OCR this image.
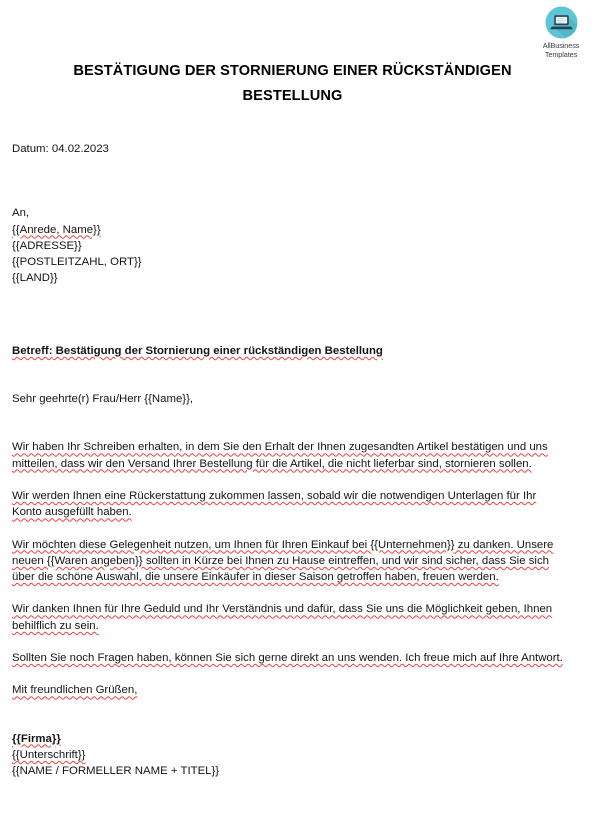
AllBusiness
Templates
BESTÄTIGUNG DER STORNIERUNG EINER RÜCKSTÄNDIGEN BESTELLUNG
Datum: 04.02.2023
An,
{{Anrede, Name}}
{{ADRESSE}}
{{POSTLEITZAHL, ORT}}
{{LAND}}
Betreff: Bestätigung der Stornierung einer rückständigen Bestellung
Sehr geehrte(r) Frau/Herr {{Name}},

Wir haben Ihr Schreiben erhalten, in dem Sie den Erhalt der Ihnen zugesandten Artikel bestätigen und uns mitteilen, dass wir den Versand Ihrer Bestellung für die Artikel, die nicht lieferbar sind, stornieren sollen.

Wir werden Ihnen eine Rückerstattung zukommen lassen, sobald wir die notwendigen Unterlagen für Ihr Konto ausgefüllt haben.

Wir möchten diese Gelegenheit nutzen, um Ihnen für Ihren Einkauf bei {{Unternehmen}} zu danken. Unsere neuen {{Waren angeben}} sollten in Kürze bei Ihnen zu Hause eintreffen, und wir sind sicher, dass Sie sich über die schöne Auswahl, die unsere Einkäufer in dieser Saison getroffen haben, freuen werden.

Wir danken Ihnen für Ihre Geduld und Ihr Verständnis und dafür, dass Sie uns die Möglichkeit geben, Ihnen behilflich zu sein.

Sollten Sie noch Fragen haben, können Sie sich gerne direkt an uns wenden. Ich freue mich auf Ihre Antwort.

Mit freundlichen Grüßen,
{{Firma}}
{{Unterschrift}}
{{NAME / FORMELLER NAME + TITEL}}
